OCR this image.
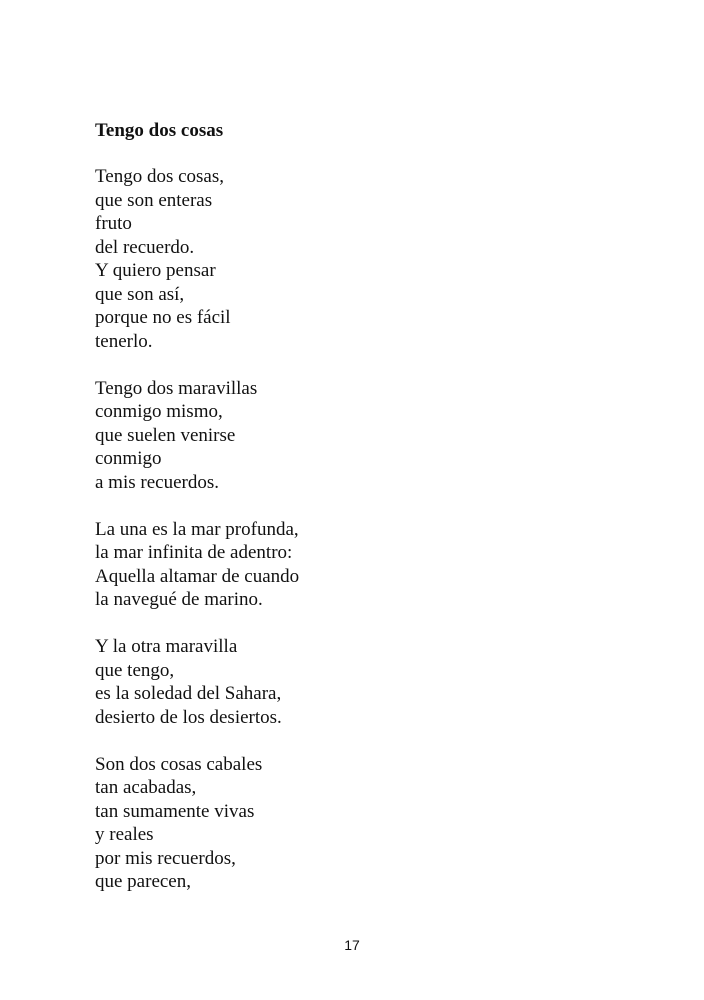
Tengo dos cosas
Tengo dos cosas,
que son enteras
fruto
del recuerdo.
Y quiero pensar
que son así,
porque no es fácil
tenerlo.
Tengo dos maravillas
conmigo mismo,
que suelen venirse
conmigo
a mis recuerdos.
La una es la mar profunda,
la mar infinita de adentro:
Aquella altamar de cuando
la navegué de marino.
Y la otra maravilla
que tengo,
es la soledad del Sahara,
desierto de los desiertos.
Son dos cosas cabales
tan acabadas,
tan sumamente vivas
y reales
por mis recuerdos,
que parecen,
17
